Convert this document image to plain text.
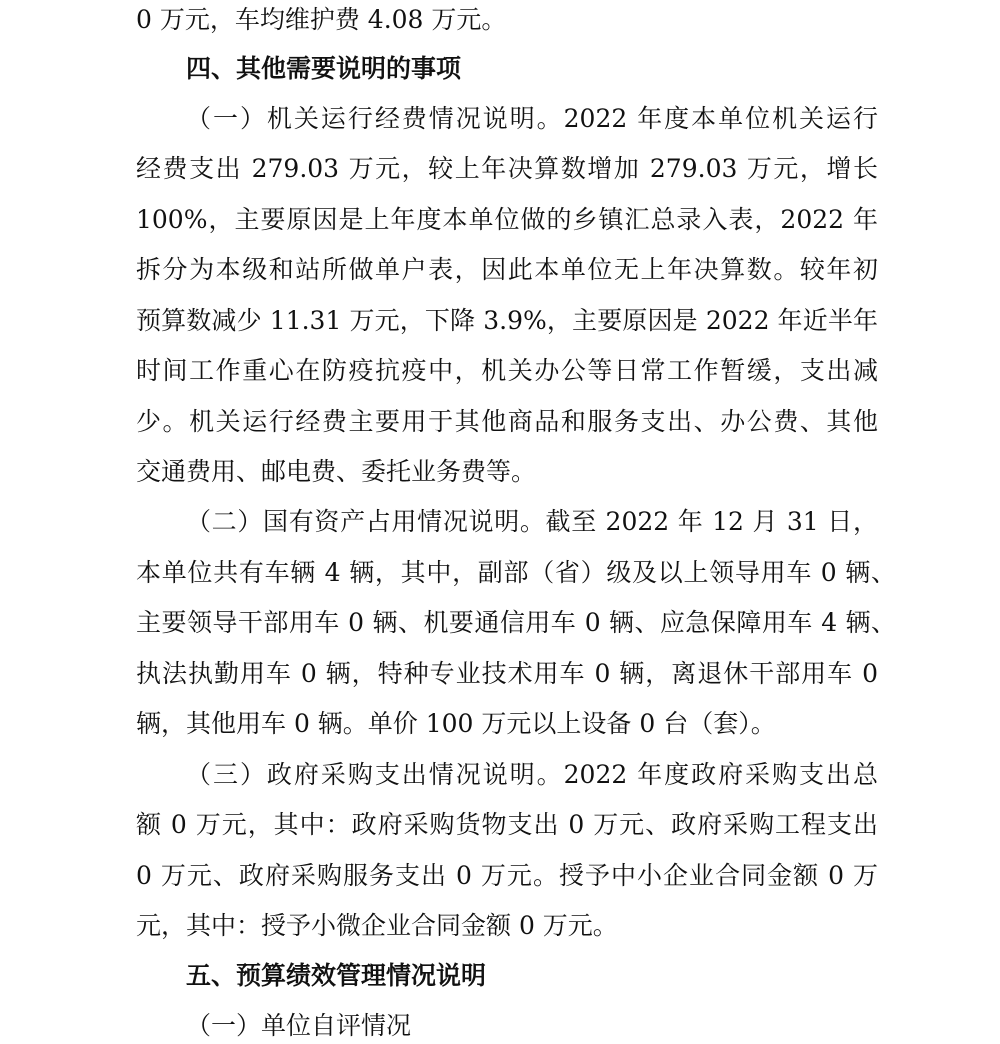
0 万元，车均维护费 4.08 万元。
四、其他需要说明的事项
（一）机关运行经费情况说明。2022 年度本单位机关运行
经费支出 279.03 万元，较上年决算数增加 279.03 万元，增长
100%，主要原因是上年度本单位做的乡镇汇总录入表，2022 年
拆分为本级和站所做单户表，因此本单位无上年决算数。较年初
预算数减少 11.31 万元，下降 3.9%，主要原因是 2022 年近半年
时间工作重心在防疫抗疫中，机关办公等日常工作暂缓，支出减
少。机关运行经费主要用于其他商品和服务支出、办公费、其他
交通费用、邮电费、委托业务费等。
（二）国有资产占用情况说明。截至 2022 年 12 月 31 日，
本单位共有车辆 4 辆，其中，副部（省）级及以上领导用车 0 辆、
主要领导干部用车 0 辆、机要通信用车 0 辆、应急保障用车 4 辆、
执法执勤用车 0 辆，特种专业技术用车 0 辆，离退休干部用车 0
辆，其他用车 0 辆。单价 100 万元以上设备 0 台（套）。
（三）政府采购支出情况说明。2022 年度政府采购支出总
额 0 万元，其中：政府采购货物支出 0 万元、政府采购工程支出
0 万元、政府采购服务支出 0 万元。授予中小企业合同金额 0 万
元，其中：授予小微企业合同金额 0 万元。
五、预算绩效管理情况说明
（一）单位自评情况
